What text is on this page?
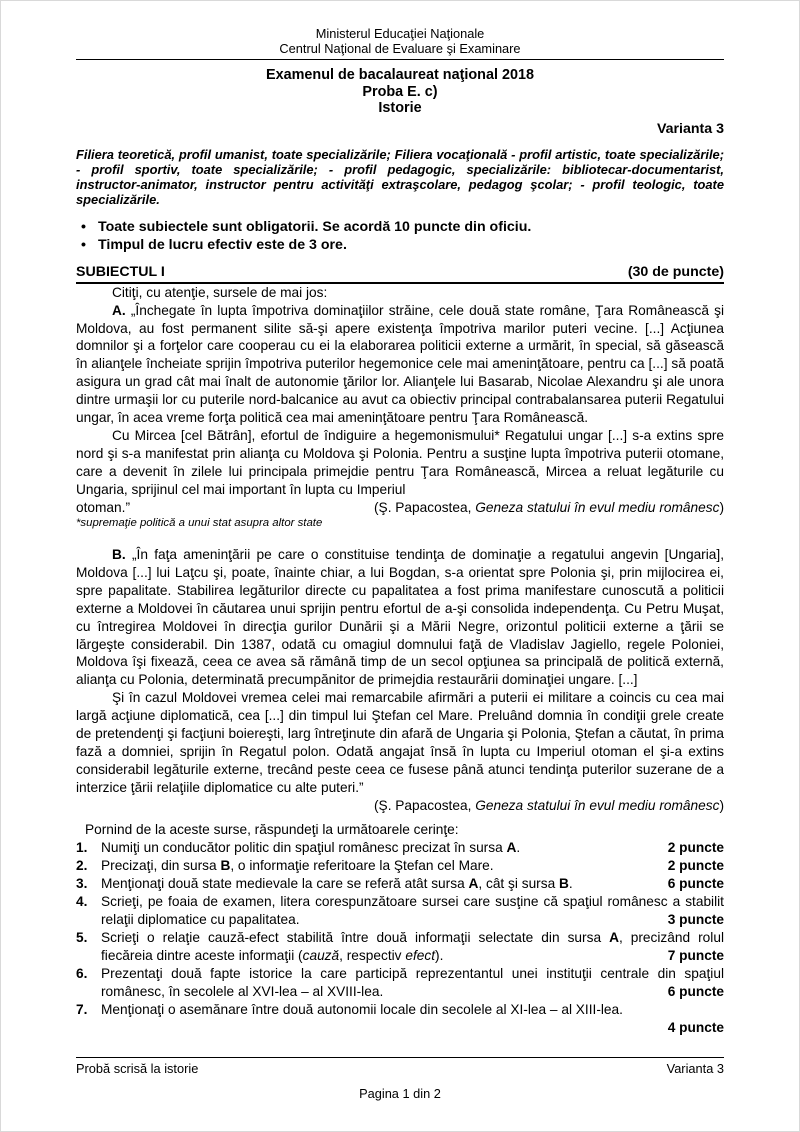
Ministerul Educaţiei Naţionale
Centrul Naţional de Evaluare şi Examinare
Examenul de bacalaureat naţional 2018
Proba E. c)
Istorie
Varianta 3
Filiera teoretică, profil umanist, toate specializările; Filiera vocaţională - profil artistic, toate specializările; - profil sportiv, toate specializările; - profil pedagogic, specializările: bibliotecar-documentarist, instructor-animator, instructor pentru activităţi extraşcolare, pedagog şcolar; - profil teologic, toate specializările.
• Toate subiectele sunt obligatorii. Se acordă 10 puncte din oficiu.
• Timpul de lucru efectiv este de 3 ore.
SUBIECTUL I	(30 de puncte)
Citiţi, cu atenţie, sursele de mai jos:
A. „Închegate în lupta împotriva dominaţiilor străine, cele două state române, Ţara Românească şi Moldova, au fost permanent silite să-şi apere existenţa împotriva marilor puteri vecine. [...] Acţiunea domnilor şi a forţelor care cooperau cu ei la elaborarea politicii externe a urmărit, în special, să găsească în alianţele încheiate sprijin împotriva puterilor hegemonice cele mai ameninţătoare, pentru ca [...] să poată asigura un grad cât mai înalt de autonomie ţărilor lor. Alianţele lui Basarab, Nicolae Alexandru şi ale unora dintre urmaşii lor cu puterile nord-balcanice au avut ca obiectiv principal contrabalansarea puterii Regatului ungar, în acea vreme forţa politică cea mai ameninţătoare pentru Ţara Românească.
Cu Mircea [cel Bătrân], efortul de îndiguire a hegemonismului* Regatului ungar [...] s-a extins spre nord şi s-a manifestat prin alianţa cu Moldova şi Polonia. Pentru a susţine lupta împotriva puterii otomane, care a devenit în zilele lui principala primejdie pentru Ţara Românească, Mircea a reluat legăturile cu Ungaria, sprijinul cel mai important în lupta cu Imperiul
otoman.”	(Ş. Papacostea, Geneza statului în evul mediu românesc)
*supremaţie politică a unui stat asupra altor state
B. „În faţa ameninţării pe care o constituise tendinţa de dominaţie a regatului angevin [Ungaria], Moldova [...] lui Laţcu şi, poate, înainte chiar, a lui Bogdan, s-a orientat spre Polonia şi, prin mijlocirea ei, spre papalitate. Stabilirea legăturilor directe cu papalitatea a fost prima manifestare cunoscută a politicii externe a Moldovei în căutarea unui sprijin pentru efortul de a-şi consolida independenţa. Cu Petru Muşat, cu întregirea Moldovei în direcţia gurilor Dunării şi a Mării Negre, orizontul politicii externe a ţării se lărgeşte considerabil. Din 1387, odată cu omagiul domnului faţă de Vladislav Jagiello, regele Poloniei, Moldova îşi fixează, ceea ce avea să rămână timp de un secol opţiunea sa principală de politică externă, alianţa cu Polonia, determinată precumpănitor de primejdia restaurării dominaţiei ungare. [...]
Şi în cazul Moldovei vremea celei mai remarcabile afirmări a puterii ei militare a coincis cu cea mai largă acţiune diplomatică, cea [...] din timpul lui Ştefan cel Mare. Preluând domnia în condiţii grele create de pretendenţi şi facţiuni boiereşti, larg întreţinute din afară de Ungaria şi Polonia, Ştefan a căutat, în prima fază a domniei, sprijin în Regatul polon. Odată angajat însă în lupta cu Imperiul otoman el şi-a extins considerabil legăturile externe, trecând peste ceea ce fusese până atunci tendinţa puterilor suzerane de a interzice ţării relaţiile diplomatice cu alte puteri.”
(Ş. Papacostea, Geneza statului în evul mediu românesc)
Pornind de la aceste surse, răspundeţi la următoarele cerinţe:
1. Numiţi un conducător politic din spaţiul românesc precizat în sursa A.	2 puncte
2. Precizaţi, din sursa B, o informaţie referitoare la Ştefan cel Mare.	2 puncte
3. Menţionaţi două state medievale la care se referă atât sursa A, cât şi sursa B.	6 puncte
4. Scrieţi, pe foaia de examen, litera corespunzătoare sursei care susţine că spaţiul românesc a stabilit relaţii diplomatice cu papalitatea.	3 puncte
5. Scrieţi o relaţie cauză-efect stabilită între două informaţii selectate din sursa A, precizând rolul fiecăreia dintre aceste informaţii (cauză, respectiv efect).	7 puncte
6. Prezentaţi două fapte istorice la care participă reprezentantul unei instituţii centrale din spaţiul românesc, în secolele al XVI-lea – al XVIII-lea.	6 puncte
7. Menţionaţi o asemănare între două autonomii locale din secolele al XI-lea – al XIII-lea.
4 puncte
Probă scrisă la istorie	Varianta 3
Pagina 1 din 2
